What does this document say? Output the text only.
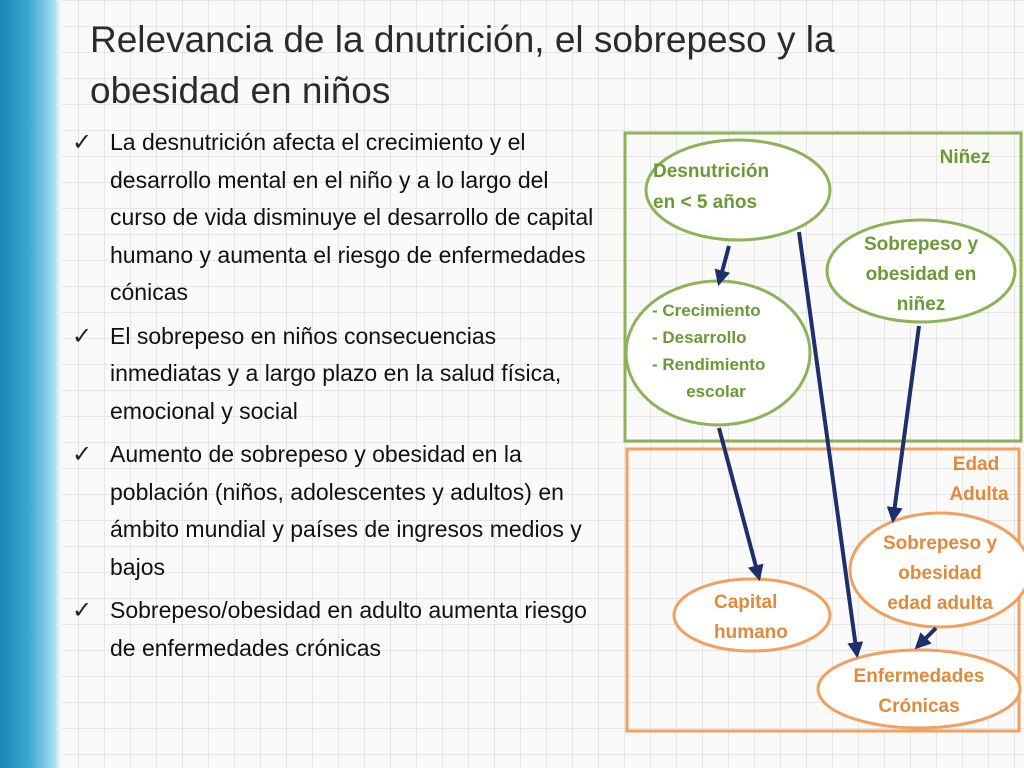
Relevancia de la dnutrición, el sobrepeso y la obesidad en niños
✓ La desnutrición afecta el crecimiento y el desarrollo mental en el niño y a lo largo del curso de vida disminuye el desarrollo de capital humano y aumenta el riesgo de enfermedades cónicas
✓ El sobrepeso en niños consecuencias inmediatas y a largo plazo en la salud física, emocional y social
✓ Aumento de sobrepeso y obesidad en la población (niños, adolescentes y adultos) en ámbito mundial y países de ingresos medios y bajos
✓ Sobrepeso/obesidad en adulto aumenta riesgo de enfermedades crónicas
Niñez
Edad
Adulta
Desnutrición
en < 5 años
Sobrepeso y
obesidad en
niñez
- Crecimiento
- Desarrollo
- Rendimiento
escolar
Sobrepeso y
obesidad
edad adulta
Capital
humano
Enfermedades
Crónicas
